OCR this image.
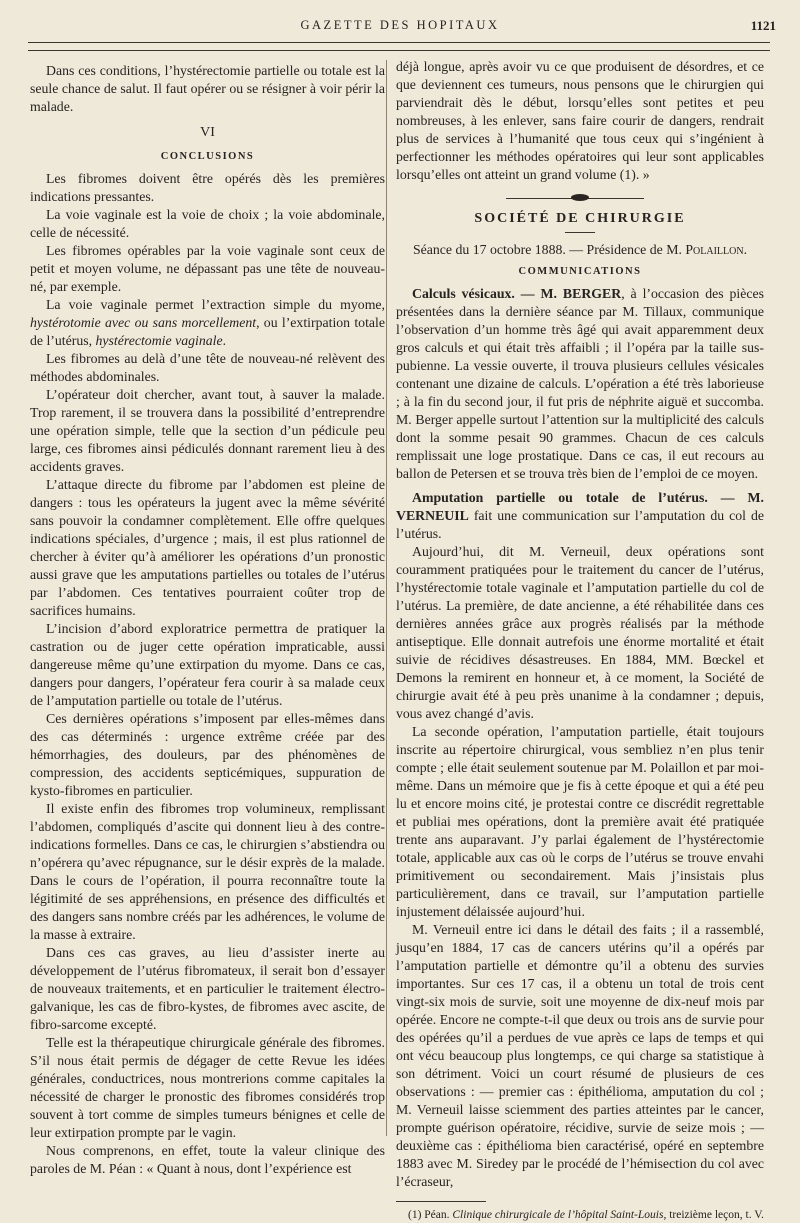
GAZETTE DES HOPITAUX	1121

Dans ces conditions, l’hystérectomie partielle ou totale est la seule chance de salut. Il faut opérer ou se résigner à voir périr la malade.

VI

CONCLUSIONS

Les fibromes doivent être opérés dès les premières indications pressantes.

La voie vaginale est la voie de choix ; la voie abdominale, celle de nécessité.

Les fibromes opérables par la voie vaginale sont ceux de petit et moyen volume, ne dépassant pas une tête de nouveau-né, par exemple.

La voie vaginale permet l’extraction simple du myome, hystérotomie avec ou sans morcellement, ou l’extirpation totale de l’utérus, hystérectomie vaginale.

Les fibromes au delà d’une tête de nouveau-né relèvent des méthodes abdominales.

L’opérateur doit chercher, avant tout, à sauver la malade. Trop rarement, il se trouvera dans la possibilité d’entreprendre une opération simple, telle que la section d’un pédicule peu large, ces fibromes ainsi pédiculés donnant rarement lieu à des accidents graves.

L’attaque directe du fibrome par l’abdomen est pleine de dangers : tous les opérateurs la jugent avec la même sévérité sans pouvoir la condamner complètement. Elle offre quelques indications spéciales, d’urgence ; mais, il est plus rationnel de chercher à éviter qu’à améliorer les opérations d’un pronostic aussi grave que les amputations partielles ou totales de l’utérus par l’abdomen. Ces tentatives pourraient coûter trop de sacrifices humains.

L’incision d’abord exploratrice permettra de pratiquer la castration ou de juger cette opération impraticable, aussi dangereuse même qu’une extirpation du myome. Dans ce cas, dangers pour dangers, l’opérateur fera courir à sa malade ceux de l’amputation partielle ou totale de l’utérus.

Ces dernières opérations s’imposent par elles-mêmes dans des cas déterminés : urgence extrême créée par des hémorrhagies, des douleurs, par des phénomènes de compression, des accidents septicémiques, suppuration de kysto-fibromes en particulier.

Il existe enfin des fibromes trop volumineux, remplissant l’abdomen, compliqués d’ascite qui donnent lieu à des contre-indications formelles. Dans ce cas, le chirurgien s’abstiendra ou n’opérera qu’avec répugnance, sur le désir exprès de la malade. Dans le cours de l’opération, il pourra reconnaître toute la légitimité de ses appréhensions, en présence des difficultés et des dangers sans nombre créés par les adhérences, le volume de la masse à extraire.

Dans ces cas graves, au lieu d’assister inerte au développement de l’utérus fibromateux, il serait bon d’essayer de nouveaux traitements, et en particulier le traitement électro-galvanique, les cas de fibro-kystes, de fibromes avec ascite, de fibro-sarcome excepté.

Telle est la thérapeutique chirurgicale générale des fibromes. S’il nous était permis de dégager de cette Revue les idées générales, conductrices, nous montrerions comme capitales la nécessité de charger le pronostic des fibromes considérés trop souvent à tort comme de simples tumeurs bénignes et celle de leur extirpation prompte par le vagin.

Nous comprenons, en effet, toute la valeur clinique des paroles de M. Péan : « Quant à nous, dont l’expérience est

déjà longue, après avoir vu ce que produisent de désordres, et ce que deviennent ces tumeurs, nous pensons que le chirurgien qui parviendrait dès le début, lorsqu’elles sont petites et peu nombreuses, à les enlever, sans faire courir de dangers, rendrait plus de services à l’humanité que tous ceux qui s’ingénient à perfectionner les méthodes opératoires qui leur sont applicables lorsqu’elles ont atteint un grand volume (1). »

SOCIÉTÉ DE CHIRURGIE

Séance du 17 octobre 1888. — Présidence de M. Polaillon.

COMMUNICATIONS

Calculs vésicaux. — M. BERGER, à l’occasion des pièces présentées dans la dernière séance par M. Tillaux, communique l’observation d’un homme très âgé qui avait apparemment deux gros calculs et qui était très affaibli ; il l’opéra par la taille sus-pubienne. La vessie ouverte, il trouva plusieurs cellules vésicales contenant une dizaine de calculs. L’opération a été très laborieuse ; à la fin du second jour, il fut pris de néphrite aiguë et succomba. M. Berger appelle surtout l’attention sur la multiplicité des calculs dont la somme pesait 90 grammes. Chacun de ces calculs remplissait une loge prostatique. Dans ce cas, il eut recours au ballon de Petersen et se trouva très bien de l’emploi de ce moyen.

Amputation partielle ou totale de l’utérus. — M. VERNEUIL fait une communication sur l’amputation du col de l’utérus.

Aujourd’hui, dit M. Verneuil, deux opérations sont couramment pratiquées pour le traitement du cancer de l’utérus, l’hystérectomie totale vaginale et l’amputation partielle du col de l’utérus. La première, de date ancienne, a été réhabilitée dans ces dernières années grâce aux progrès réalisés par la méthode antiseptique. Elle donnait autrefois une énorme mortalité et était suivie de récidives désastreuses. En 1884, MM. Bœckel et Demons la remirent en honneur et, à ce moment, la Société de chirurgie avait été à peu près unanime à la condamner ; depuis, vous avez changé d’avis.

La seconde opération, l’amputation partielle, était toujours inscrite au répertoire chirurgical, vous sembliez n’en plus tenir compte ; elle était seulement soutenue par M. Polaillon et par moi-même. Dans un mémoire que je fis à cette époque et qui a été peu lu et encore moins cité, je protestai contre ce discrédit regrettable et publiai mes opérations, dont la première avait été pratiquée trente ans auparavant. J’y parlai également de l’hystérectomie totale, applicable aux cas où le corps de l’utérus se trouve envahi primitivement ou secondairement. Mais j’insistais plus particulièrement, dans ce travail, sur l’amputation partielle injustement délaissée aujourd’hui.

M. Verneuil entre ici dans le détail des faits ; il a rassemblé, jusqu’en 1884, 17 cas de cancers utérins qu’il a opérés par l’amputation partielle et démontre qu’il a obtenu des survies importantes. Sur ces 17 cas, il a obtenu un total de trois cent vingt-six mois de survie, soit une moyenne de dix-neuf mois par opérée. Encore ne compte-t-il que deux ou trois ans de survie pour des opérées qu’il a perdues de vue après ce laps de temps et qui ont vécu beaucoup plus longtemps, ce qui charge sa statistique à son détriment. Voici un court résumé de plusieurs de ces observations : — premier cas : épithélioma, amputation du col ; M. Verneuil laisse sciemment des parties atteintes par le cancer, prompte guérison opératoire, récidive, survie de seize mois ; — deuxième cas : épithélioma bien caractérisé, opéré en septembre 1883 avec M. Siredey par le procédé de l’hémisection du col avec l’écraseur,

(1) Péan. Clinique chirurgicale de l’hôpital Saint-Louis, treizième leçon, t. V.
